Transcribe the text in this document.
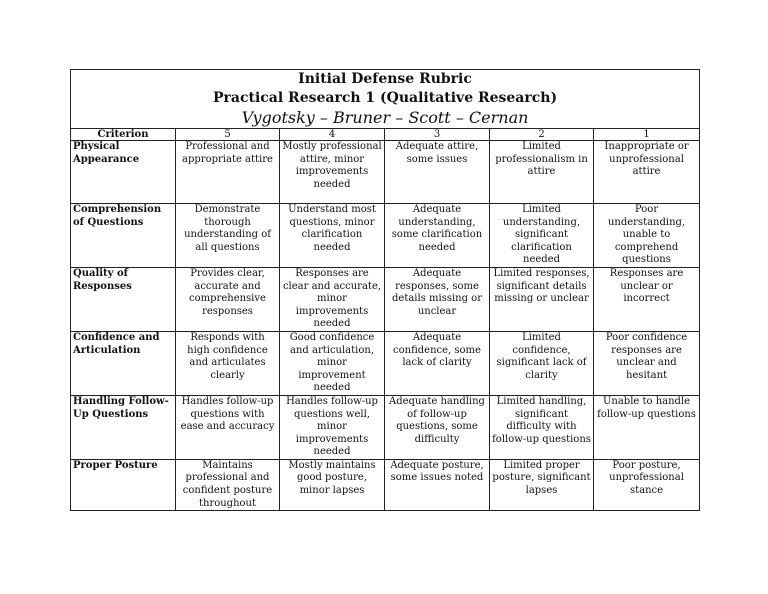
Initial Defense Rubric
Practical Research 1 (Qualitative Research)
Vygotsky – Bruner – Scott – Cernan					

Criterion	5	4	3	2	1
Physical Appearance	Professional and appropriate attire	Mostly professional attire, minor improvements needed	Adequate attire, some issues	Limited professionalism in attire	Inappropriate or unprofessional attire
Comprehension of Questions	Demonstrate thorough understanding of all questions	Understand most questions, minor clarification needed	Adequate understanding, some clarification needed	Limited understanding, significant clarification needed	Poor understanding, unable to comprehend questions
Quality of Responses	Provides clear, accurate and comprehensive responses	Responses are clear and accurate, minor improvements needed	Adequate responses, some details missing or unclear	Limited responses, significant details missing or unclear	Responses are unclear or incorrect
Confidence and Articulation	Responds with high confidence and articulates clearly	Good confidence and articulation, minor improvement needed	Adequate confidence, some lack of clarity	Limited confidence, significant lack of clarity	Poor confidence responses are unclear and hesitant
Handling Follow-Up Questions	Handles follow-up questions with ease and accuracy	Handles follow-up questions well, minor improvements needed	Adequate handling of follow-up questions, some difficulty	Limited handling, significant difficulty with follow-up questions	Unable to handle follow-up questions
Proper Posture	Maintains professional and confident posture throughout	Mostly maintains good posture, minor lapses	Adequate posture, some issues noted	Limited proper posture, significant lapses	Poor posture, unprofessional stance
